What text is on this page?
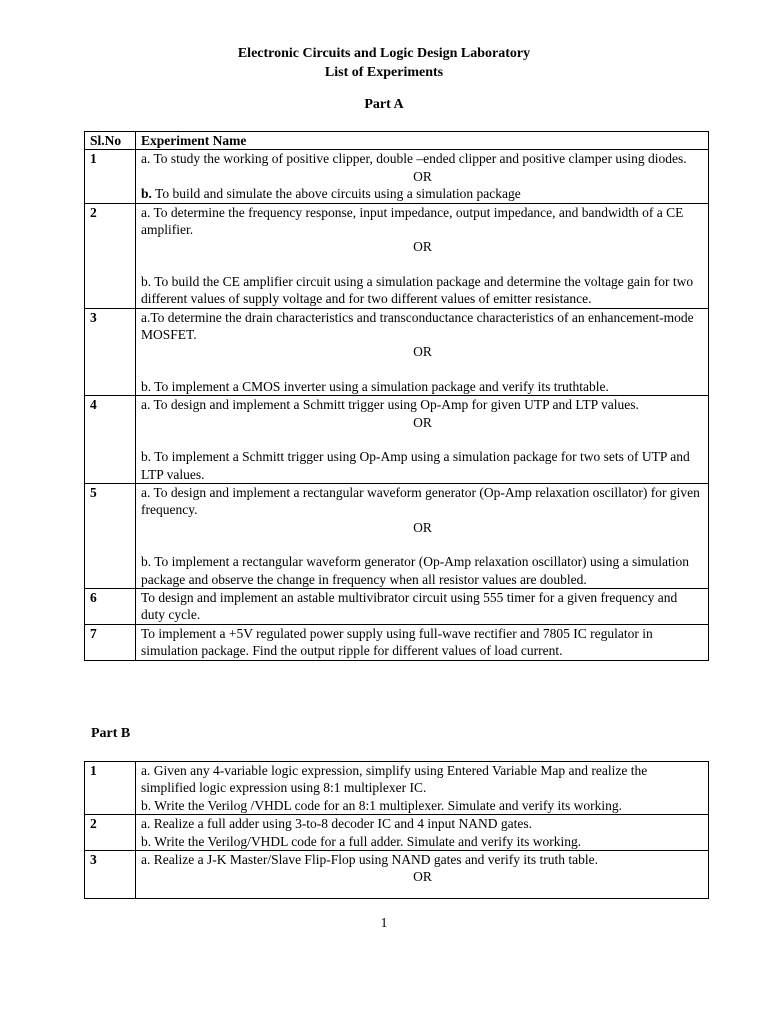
Electronic Circuits and Logic Design Laboratory
List of Experiments
Part A
Sl.No	Experiment Name
1	a. To study the working of positive clipper, double –ended clipper and positive clamper using diodes.
OR
b. To build and simulate the above circuits using a simulation package

2	a. To determine the frequency response, input impedance, output impedance, and bandwidth of a CE amplifier.
OR
b. To build the CE amplifier circuit using a simulation package and determine the voltage gain for two different values of supply voltage and for two different values of emitter resistance.

3	a.To determine the drain characteristics and transconductance characteristics of an enhancement-mode MOSFET.
OR
b. To implement a CMOS inverter using a simulation package and verify its truthtable.

4	a. To design and implement a Schmitt trigger using Op-Amp for given UTP and LTP values.
OR
b. To implement a Schmitt trigger using Op-Amp using a simulation package for two sets of UTP and LTP values.

5	a. To design and implement a rectangular waveform generator (Op-Amp relaxation oscillator) for given frequency.
OR
b. To implement a rectangular waveform generator (Op-Amp relaxation oscillator) using a simulation package and observe the change in frequency when all resistor values are doubled.

6	To design and implement an astable multivibrator circuit using 555 timer for a given frequency and duty cycle.
7	To implement a +5V regulated power supply using full-wave rectifier and 7805 IC regulator in simulation package. Find the output ripple for different values of load current.
Part B
1	a. Given any 4-variable logic expression, simplify using Entered Variable Map and realize the simplified logic expression using 8:1 multiplexer IC.
b. Write the Verilog /VHDL code for an 8:1 multiplexer. Simulate and verify its working.

2	a. Realize a full adder using 3-to-8 decoder IC and 4 input NAND gates.
b. Write the Verilog/VHDL code for a full adder. Simulate and verify its working.

3	a. Realize a J-K Master/Slave Flip-Flop using NAND gates and verify its truth table.
OR
1
